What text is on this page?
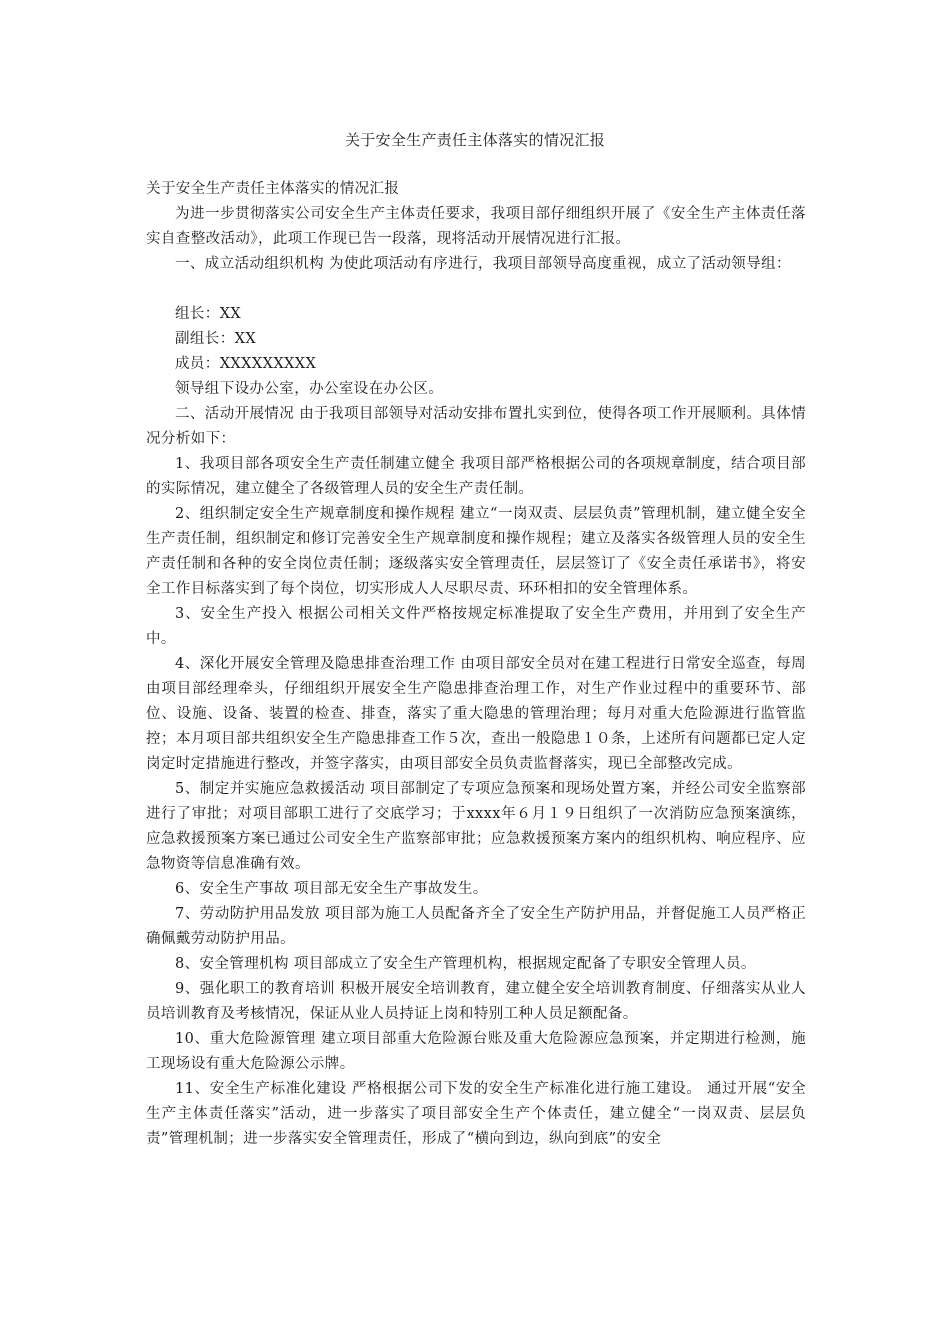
关于安全生产责任主体落实的情况汇报

关于安全生产责任主体落实的情况汇报

为进一步贯彻落实公司安全生产主体责任要求，我项目部仔细组织开展了《安全生产主体责任落实自查整改活动》，此项工作现已告一段落，现将活动开展情况进行汇报。

一、成立活动组织机构 为使此项活动有序进行，我项目部领导高度重视，成立了活动领导组：

组长：XX

副组长：XX

成员：XXXXXXXXX

领导组下设办公室，办公室设在办公区。

二、活动开展情况 由于我项目部领导对活动安排布置扎实到位，使得各项工作开展顺利。具体情况分析如下：

1、我项目部各项安全生产责任制建立健全 我项目部严格根据公司的各项规章制度，结合项目部的实际情况，建立健全了各级管理人员的安全生产责任制。

2、组织制定安全生产规章制度和操作规程 建立“一岗双责、层层负责”管理机制，建立健全安全生产责任制，组织制定和修订完善安全生产规章制度和操作规程；建立及落实各级管理人员的安全生产责任制和各种的安全岗位责任制；逐级落实安全管理责任，层层签订了《安全责任承诺书》，将安全工作目标落实到了每个岗位，切实形成人人尽职尽责、环环相扣的安全管理体系。

3、安全生产投入 根据公司相关文件严格按规定标准提取了安全生产费用，并用到了安全生产中。

4、深化开展安全管理及隐患排查治理工作 由项目部安全员对在建工程进行日常安全巡查，每周由项目部经理牵头，仔细组织开展安全生产隐患排查治理工作，对生产作业过程中的重要环节、部位、设施、设备、装置的检查、排查，落实了重大隐患的管理治理；每月对重大危险源进行监管监控；本月项目部共组织安全生产隐患排查工作５次，查出一般隐患１０条，上述所有问题都已定人定岗定时定措施进行整改，并签字落实，由项目部安全员负责监督落实，现已全部整改完成。

5、制定并实施应急救援活动 项目部制定了专项应急预案和现场处置方案，并经公司安全监察部进行了审批；对项目部职工进行了交底学习；于xxxx年６月１９日组织了一次消防应急预案演练，应急救援预案方案已通过公司安全生产监察部审批；应急救援预案方案内的组织机构、响应程序、应急物资等信息准确有效。

6、安全生产事故 项目部无安全生产事故发生。

7、劳动防护用品发放 项目部为施工人员配备齐全了安全生产防护用品，并督促施工人员严格正确佩戴劳动防护用品。

8、安全管理机构 项目部成立了安全生产管理机构，根据规定配备了专职安全管理人员。

9、强化职工的教育培训 积极开展安全培训教育，建立健全安全培训教育制度、仔细落实从业人员培训教育及考核情况，保证从业人员持证上岗和特别工种人员足额配备。

10、重大危险源管理 建立项目部重大危险源台账及重大危险源应急预案，并定期进行检测，施工现场设有重大危险源公示牌。

11、安全生产标准化建设 严格根据公司下发的安全生产标准化进行施工建设。 通过开展“安全生产主体责任落实”活动，进一步落实了项目部安全生产个体责任，建立健全“一岗双责、层层负责”管理机制；进一步落实安全管理责任，形成了“横向到边，纵向到底”的安全
